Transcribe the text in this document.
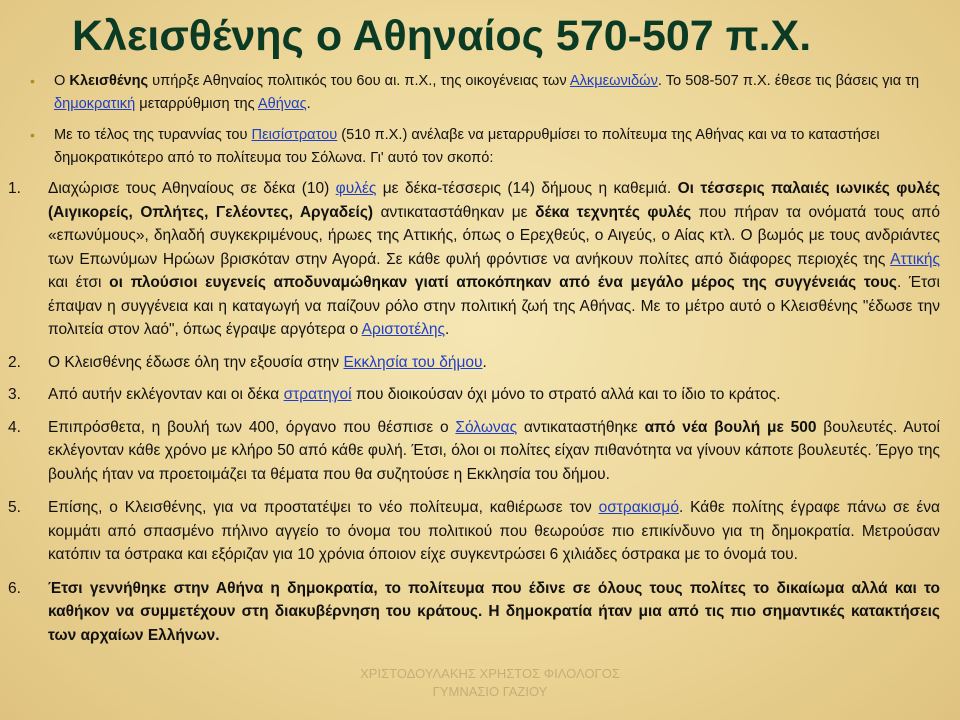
Κλεισθένης ο Αθηναίος 570-507 π.Χ.
• Ο Κλεισθένης υπήρξε Αθηναίος πολιτικός του 6ου αι. π.Χ., της οικογένειας των Αλκμεωνιδών. Το 508-507 π.Χ. έθεσε τις βάσεις για τη δημοκρατική μεταρρύθμιση της Αθήνας.
• Με το τέλος της τυραννίας του Πεισίστρατου (510 π.Χ.) ανέλαβε να μεταρρυθμίσει το πολίτευμα της Αθήνας και να το καταστήσει δημοκρατικότερο από το πολίτευμα του Σόλωνα. Γι' αυτό τον σκοπό:
1. Διαχώρισε τους Αθηναίους σε δέκα (10) φυλές με δέκα-τέσσερις (14) δήμους η καθεμιά. Οι τέσσερις παλαιές ιωνικές φυλές (Αιγικορείς, Οπλήτες, Γελέοντες, Αργαδείς) αντικαταστάθηκαν με δέκα τεχνητές φυλές που πήραν τα ονόματά τους από «επωνύμους», δηλαδή συγκεκριμένους, ήρωες της Αττικής, όπως ο Ερεχθεύς, ο Αιγεύς, ο Αίας κτλ. Ο βωμός με τους ανδριάντες των Επωνύμων Ηρώων βρισκόταν στην Αγορά. Σε κάθε φυλή φρόντισε να ανήκουν πολίτες από διάφορες περιοχές της Αττικής και έτσι οι πλούσιοι ευγενείς αποδυναμώθηκαν γιατί αποκόπηκαν από ένα μεγάλο μέρος της συγγένειάς τους. Έτσι έπαψαν η συγγένεια και η καταγωγή να παίζουν ρόλο στην πολιτική ζωή της Αθήνας. Με το μέτρο αυτό ο Κλεισθένης "έδωσε την πολιτεία στον λαό", όπως έγραψε αργότερα ο Αριστοτέλης.
2. Ο Κλεισθένης έδωσε όλη την εξουσία στην Εκκλησία του δήμου.
3. Από αυτήν εκλέγονταν και οι δέκα στρατηγοί που διοικούσαν όχι μόνο το στρατό αλλά και το ίδιο το κράτος.
4. Επιπρόσθετα, η βουλή των 400, όργανο που θέσπισε ο Σόλωνας αντικαταστήθηκε από νέα βουλή με 500 βουλευτές. Αυτοί εκλέγονταν κάθε χρόνο με κλήρο 50 από κάθε φυλή. Έτσι, όλοι οι πολίτες είχαν πιθανότητα να γίνουν κάποτε βουλευτές. Έργο της βουλής ήταν να προετοιμάζει τα θέματα που θα συζητούσε η Εκκλησία του δήμου.
5. Επίσης, ο Κλεισθένης, για να προστατέψει το νέο πολίτευμα, καθιέρωσε τον οστρακισμό. Κάθε πολίτης έγραφε πάνω σε ένα κομμάτι από σπασμένο πήλινο αγγείο το όνομα του πολιτικού που θεωρούσε πιο επικίνδυνο για τη δημοκρατία. Μετρούσαν κατόπιν τα όστρακα και εξόριζαν για 10 χρόνια όποιον είχε συγκεντρώσει 6 χιλιάδες όστρακα με το όνομά του.
6. Έτσι γεννήθηκε στην Αθήνα η δημοκρατία, το πολίτευμα που έδινε σε όλους τους πολίτες το δικαίωμα αλλά και το καθήκον να συμμετέχουν στη διακυβέρνηση του κράτους. Η δημοκρατία ήταν μια από τις πιο σημαντικές κατακτήσεις των αρχαίων Ελλήνων.
ΧΡΙΣΤΟΔΟΥΛΑΚΗΣ ΧΡΗΣΤΟΣ ΦΙΛΟΛΟΓΟΣ
ΓΥΜΝΑΣΙΟ ΓΑΖΙΟΥ
